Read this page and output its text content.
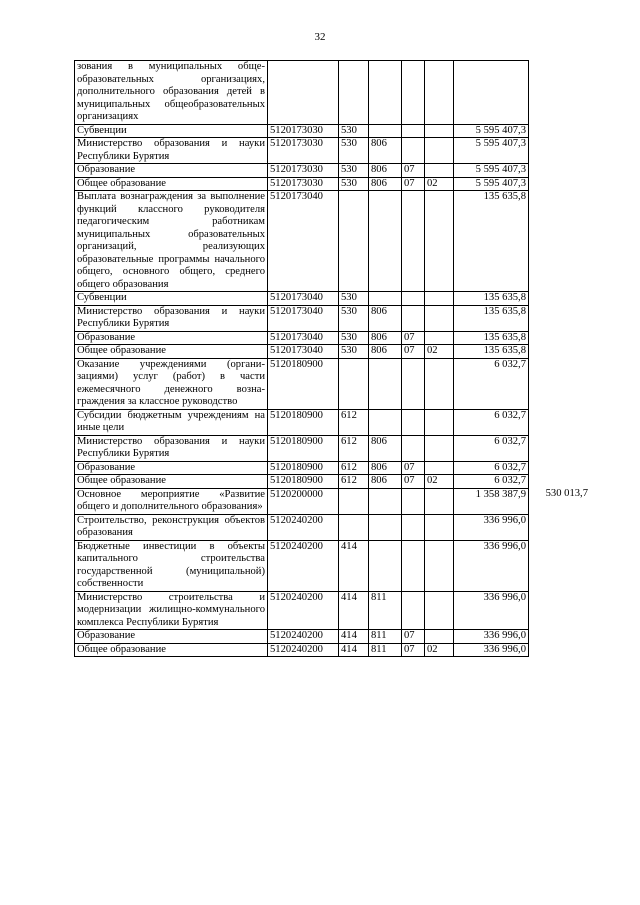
32
зования в муниципальных общеобразовательных организациях, дополнительного образования детей в муниципальных общеобразовательных организациях							
Субвенции	5120173030	530				5 595 407,3	
Министерство образования и науки Республики Бурятия	5120173030	530	806			5 595 407,3	
Образование	5120173030	530	806	07		5 595 407,3	
Общее образование	5120173030	530	806	07	02	5 595 407,3	
Выплата вознаграждения за выполнение функций классного руководителя педагогическим работникам муниципальных образовательных организаций, реализующих образовательные программы начального общего, основного общего, среднего общего образования	5120173040					135 635,8	
Субвенции	5120173040	530				135 635,8	
Министерство образования и науки Республики Бурятия	5120173040	530	806			135 635,8	
Образование	5120173040	530	806	07		135 635,8	
Общее образование	5120173040	530	806	07	02	135 635,8	
Оказание учреждениями (организациями) услуг (работ) в части ежемесячного денежного вознаграждения за классное руководство	5120180900					6 032,7	
Субсидии бюджетным учреждениям на иные цели	5120180900	612				6 032,7	
Министерство образования и науки Республики Бурятия	5120180900	612	806			6 032,7	
Образование	5120180900	612	806	07		6 032,7	
Общее образование	5120180900	612	806	07	02	6 032,7	
Основное мероприятие «Развитие общего и дополнительного образования»	5120200000					1 358 387,9	530 013,7
Строительство, реконструкция объектов образования	5120240200					336 996,0	
Бюджетные инвестиции в объекты капитального строительства государственной (муниципальной) собственности	5120240200	414				336 996,0	
Министерство строительства и модернизации жилищно-коммунального комплекса Республики Бурятия	5120240200	414	811			336 996,0	
Образование	5120240200	414	811	07		336 996,0	
Общее образование	5120240200	414	811	07	02	336 996,0	
